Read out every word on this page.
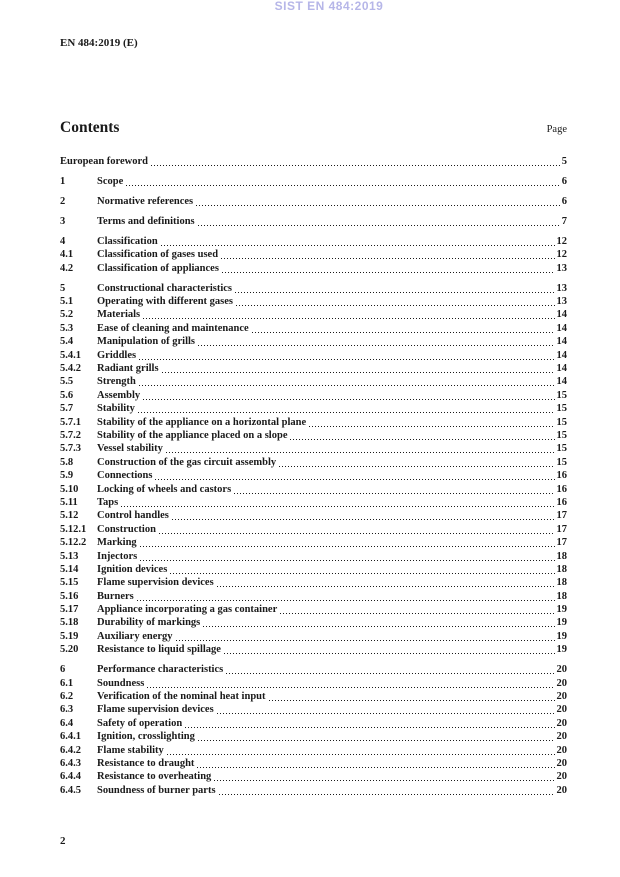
SIST EN 484:2019
EN 484:2019 (E)
Contents	Page
European foreword	5
1	Scope	6
2	Normative references	6
3	Terms and definitions	7
4	Classification	12
4.1	Classification of gases used	12
4.2	Classification of appliances	13
5	Constructional characteristics	13
5.1	Operating with different gases	13
5.2	Materials	14
5.3	Ease of cleaning and maintenance	14
5.4	Manipulation of grills	14
5.4.1	Griddles	14
5.4.2	Radiant grills	14
5.5	Strength	14
5.6	Assembly	15
5.7	Stability	15
5.7.1	Stability of the appliance on a horizontal plane	15
5.7.2	Stability of the appliance placed on a slope	15
5.7.3	Vessel stability	15
5.8	Construction of the gas circuit assembly	15
5.9	Connections	16
5.10	Locking of wheels and castors	16
5.11	Taps	16
5.12	Control handles	17
5.12.1	Construction	17
5.12.2	Marking	17
5.13	Injectors	18
5.14	Ignition devices	18
5.15	Flame supervision devices	18
5.16	Burners	18
5.17	Appliance incorporating a gas container	19
5.18	Durability of markings	19
5.19	Auxiliary energy	19
5.20	Resistance to liquid spillage	19
6	Performance characteristics	20
6.1	Soundness	20
6.2	Verification of the nominal heat input	20
6.3	Flame supervision devices	20
6.4	Safety of operation	20
6.4.1	Ignition, crosslighting	20
6.4.2	Flame stability	20
6.4.3	Resistance to draught	20
6.4.4	Resistance to overheating	20
6.4.5	Soundness of burner parts	20
2
